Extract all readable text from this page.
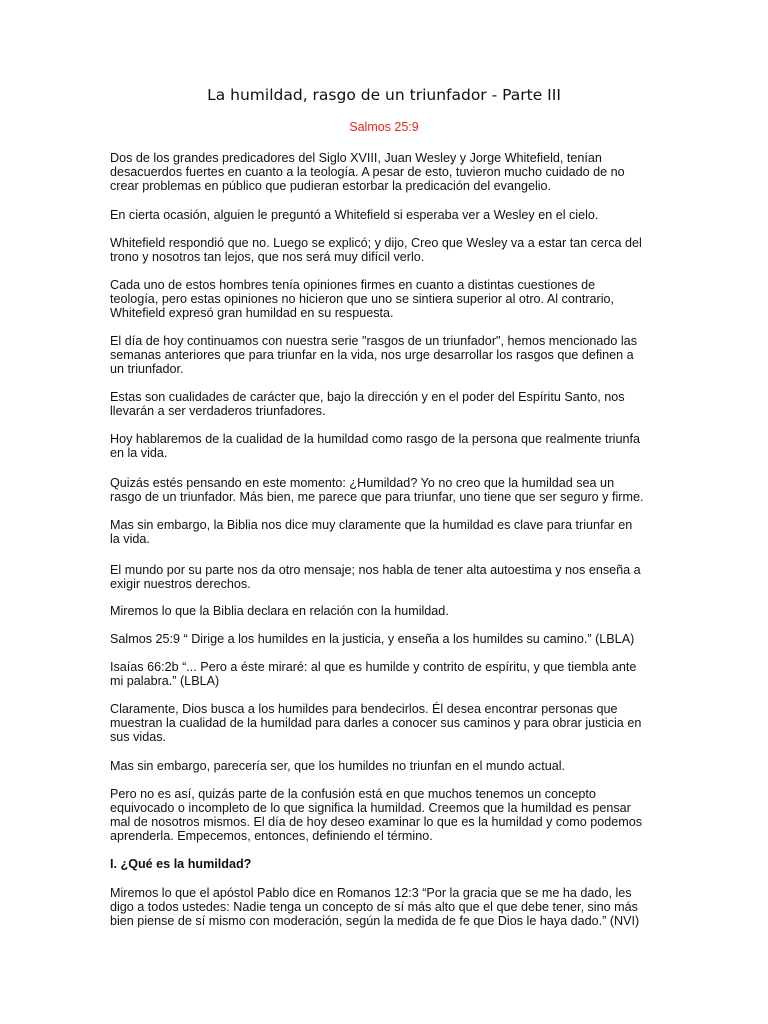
La humildad, rasgo de un triunfador - Parte III

Salmos 25:9

Dos de los grandes predicadores del Siglo XVIII, Juan Wesley y Jorge Whitefield, tenían
desacuerdos fuertes en cuanto a la teología. A pesar de esto, tuvieron mucho cuidado de no
crear problemas en público que pudieran estorbar la predicación del evangelio.

En cierta ocasión, alguien le preguntó a Whitefield si esperaba ver a Wesley en el cielo.

Whitefield respondió que no. Luego se explicó; y dijo, Creo que Wesley va a estar tan cerca del
trono y nosotros tan lejos, que nos será muy difícil verlo.

Cada uno de estos hombres tenía opiniones firmes en cuanto a distintas cuestiones de
teología, pero estas opiniones no hicieron que uno se sintiera superior al otro. Al contrario,
Whitefield expresó gran humildad en su respuesta.

El día de hoy continuamos con nuestra serie "rasgos de un triunfador", hemos mencionado las
semanas anteriores que para triunfar en la vida, nos urge desarrollar los rasgos que definen a
un triunfador.

Estas son cualidades de carácter que, bajo la dirección y en el poder del Espíritu Santo, nos
llevarán a ser verdaderos triunfadores.

Hoy hablaremos de la cualidad de la humildad como rasgo de la persona que realmente triunfa
en la vida.

Quizás estés pensando en este momento: ¿Humildad? Yo no creo que la humildad sea un
rasgo de un triunfador. Más bien, me parece que para triunfar, uno tiene que ser seguro y firme.

Mas sin embargo, la Biblia nos dice muy claramente que la humildad es clave para triunfar en
la vida.

El mundo por su parte nos da otro mensaje; nos habla de tener alta autoestima y nos enseña a
exigir nuestros derechos.

Miremos lo que la Biblia declara en relación con la humildad.

Salmos 25:9 “ Dirige a los humildes en la justicia, y enseña a los humildes su camino.” (LBLA)

Isaías 66:2b “... Pero a éste miraré: al que es humilde y contrito de espíritu, y que tiembla ante
mi palabra.” (LBLA)

Claramente, Dios busca a los humildes para bendecirlos. Él desea encontrar personas que
muestran la cualidad de la humildad para darles a conocer sus caminos y para obrar justicia en
sus vidas.

Mas sin embargo, parecería ser, que los humildes no triunfan en el mundo actual.

Pero no es así, quizás parte de la confusión está en que muchos tenemos un concepto
equivocado o incompleto de lo que significa la humildad. Creemos que la humildad es pensar
mal de nosotros mismos. El día de hoy deseo examinar lo que es la humildad y como podemos
aprenderla. Empecemos, entonces, definiendo el término.

I. ¿Qué es la humildad?

Miremos lo que el apóstol Pablo dice en Romanos 12:3 “Por la gracia que se me ha dado, les
digo a todos ustedes: Nadie tenga un concepto de sí más alto que el que debe tener, sino más
bien piense de sí mismo con moderación, según la medida de fe que Dios le haya dado.” (NVI)
